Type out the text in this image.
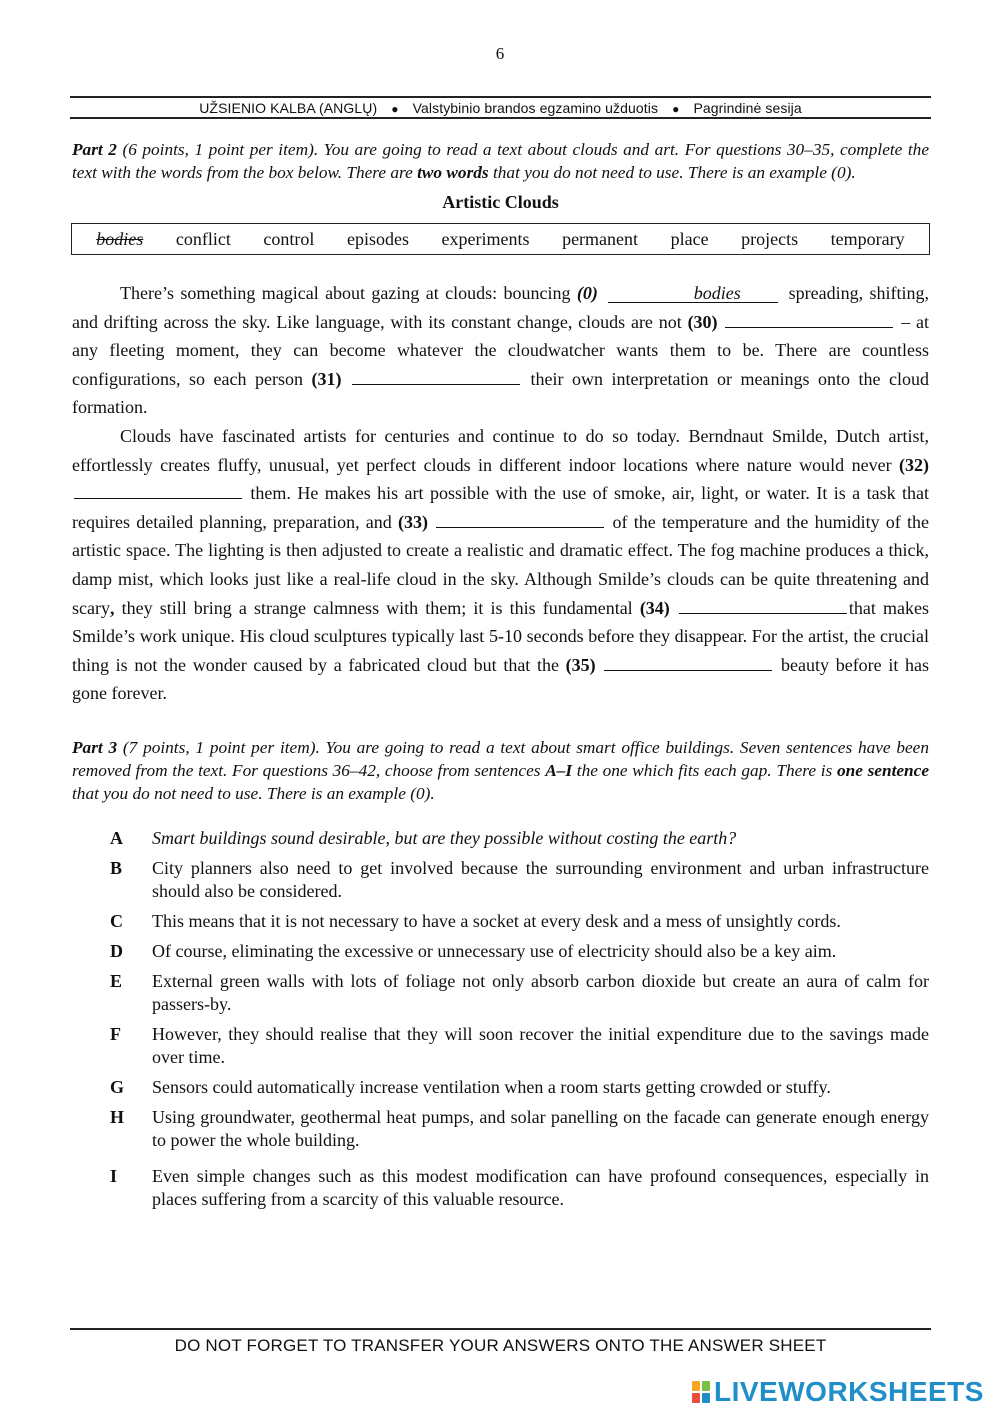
6
UŽSIENIO KALBA (ANGLŲ) ● Valstybinio brandos egzamino užduotis ● Pagrindinė sesija

Part 2 (6 points, 1 point per item). You are going to read a text about clouds and art. For questions 30–35, complete the text with the words from the box below. There are two words that you do not need to use. There is an example (0).

Artistic Clouds
bodies conflict control episodes experiments permanent place projects temporary

There’s something magical about gazing at clouds: bouncing (0)	bodies	spreading, shifting, and drifting across the sky. Like language, with its constant change, clouds are not (30)	– at any fleeting moment, they can become whatever the cloudwatcher wants them to be. There are countless configurations, so each person (31)	their own interpretation or meanings onto the cloud formation.

Clouds have fascinated artists for centuries and continue to do so today. Berndnaut Smilde, Dutch artist, effortlessly creates fluffy, unusual, yet perfect clouds in different indoor locations where nature would never (32)  them. He makes his art possible with the use of smoke, air, light, or water. It is a task that requires detailed planning, preparation, and (33)	of the temperature and the humidity of the artistic space. The lighting is then adjusted to create a realistic and dramatic effect. The fog machine produces a thick, damp mist, which looks just like a real-life cloud in the sky. Although Smilde’s clouds can be quite threatening and scary, they still bring a strange calmness with them; it is this fundamental (34)	that makes Smilde’s work unique. His cloud sculptures typically last 5-10 seconds before they disappear. For the artist, the crucial thing is not the wonder caused by a fabricated cloud but that the (35)	beauty before it has gone forever.

Part 3 (7 points, 1 point per item). You are going to read a text about smart office buildings. Seven sentences have been removed from the text. For questions 36–42, choose from sentences A–I the one which fits each gap. There is one sentence that you do not need to use. There is an example (0).

A	Smart buildings sound desirable, but are they possible without costing the earth?
B	City planners also need to get involved because the surrounding environment and urban infrastructure should also be considered.
C	This means that it is not necessary to have a socket at every desk and a mess of unsightly cords.
D	Of course, eliminating the excessive or unnecessary use of electricity should also be a key aim.
E	External green walls with lots of foliage not only absorb carbon dioxide but create an aura of calm for passers-by.
F	However, they should realise that they will soon recover the initial expenditure due to the savings made over time.
G	Sensors could automatically increase ventilation when a room starts getting crowded or stuffy.
H	Using groundwater, geothermal heat pumps, and solar panelling on the facade can generate enough energy to power the whole building.
I	Even simple changes such as this modest modification can have profound consequences, especially in places suffering from a scarcity of this valuable resource.
DO NOT FORGET TO TRANSFER YOUR ANSWERS ONTO THE ANSWER SHEET
LIVEWORKSHEETS
